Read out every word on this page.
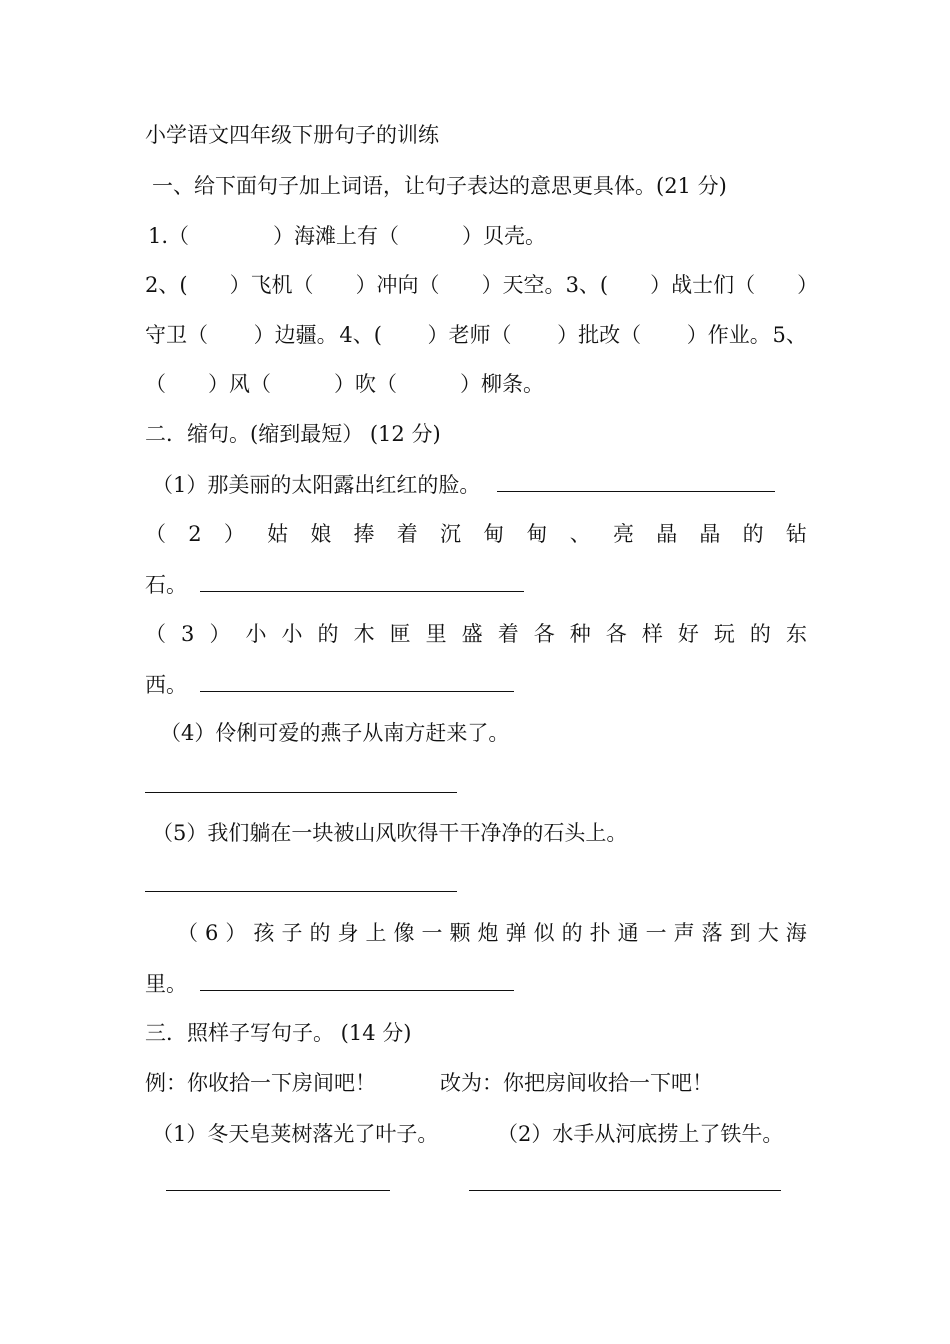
小学语文四年级下册句子的训练
一、给下面句子加上词语，让句子表达的意思更具体。(21 分)
1.（　　　　）海滩上有（　　　）贝壳。
2、(
　　 ）飞机（
　　 ）冲向（
　　 ）天空。 3、(
　　 ）战士们（
　　 ）
守卫（
　　 ）边疆。 4、(
　　 ）老师（
　　 ）批改（
　　 ）作业。 5、
（　　）风（　　　）吹（　　　）柳条。
二．缩句。(缩到最短） (12 分)
（1）那美丽的太阳露出红红的脸。
（ 2 ） 姑 娘 捧 着 沉 甸 甸 、 亮 晶 晶 的 钻
石。
（ 3 ） 小 小 的 木 匣 里 盛 着 各 种 各 样 好 玩 的 东
西。
（4）伶俐可爱的燕子从南方赶来了。
（5）我们躺在一块被山风吹得干干净净的石头上。
（ 6 ） 孩 子 的 身 上 像 一 颗 炮 弹 似 的 扑 通 一 声 落 到 大 海
里。
三．照样子写句子。 (14 分)
例：你收拾一下房间吧！	改为：你把房间收拾一下吧！
（1）冬天皂荚树落光了叶子。	（2）水手从河底捞上了铁牛。
